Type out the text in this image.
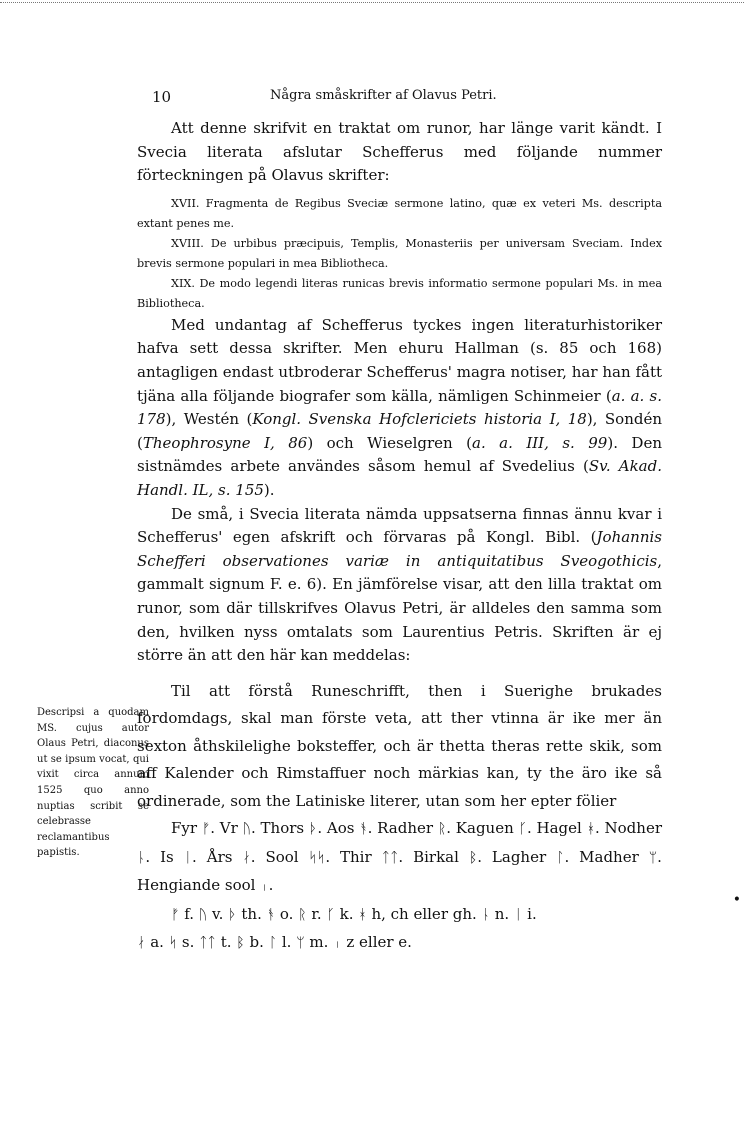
10	Några småskrifter af Olavus Petri.

Att denne skrifvit en traktat om runor, har länge varit kändt. I Svecia literata afslutar Schefferus med följande nummer förteckningen på Olavus skrifter:

XVII. Fragmenta de Regibus Sveciæ sermone latino, quæ ex veteri Ms. descripta extant penes me.

XVIII. De urbibus præcipuis, Templis, Monasteriis per universam Sveciam. Index brevis sermone populari in mea Bibliotheca.

XIX. De modo legendi literas runicas brevis informatio sermone populari Ms. in mea Bibliotheca.

Med undantag af Schefferus tyckes ingen literaturhistoriker hafva sett dessa skrifter. Men ehuru Hallman (s. 85 och 168) antagligen endast utbroderar Schefferus' magra notiser, har han fått tjäna alla följande biografer som källa, nämligen Schinmeier (a. a. s. 178), Westén (Kongl. Svenska Hofclericiets historia I, 18), Sondén (Theophrosyne I, 86) och Wieselgren (a. a. III, s. 99). Den sistnämdes arbete användes såsom hemul af Svedelius (Sv. Akad. Handl. IL, s. 155).

De små, i Svecia literata nämda uppsatserna finnas ännu kvar i Schefferus' egen afskrift och förvaras på Kongl. Bibl. (Johannis Schefferi observationes variæ in antiquitatibus Sveogothicis, gammalt signum F. e. 6). En jämförelse visar, att den lilla traktat om runor, som där tillskrifves Olavus Petri, är alldeles den samma som den, hvilken nyss omtalats som Laurentius Petris. Skriften är ej större än att den här kan meddelas:

Til att förstå Runeschrifft, then i Suerighe brukades fordomdags, skal man förste veta, att ther vtinna är ike mer än sexton åthskilelighe boksteffer, och är thetta theras rette skik, som aff Kalender och Rimstaffuer noch märkias kan, ty the äro ike så ordinerade, som the Latiniske literer, utan som her epter fölier

Fyr ᚠ. Vr ᚢ. Thors ᚦ. Aos ᚬ. Radher ᚱ. Kaguen ᚴ. Hagel ᚼ. Nodher ᚿ. Is ᛁ. Års ᛅ. Sool ᛋᛋ. Thir ᛏᛏ. Birkal ᛒ. Lagher ᛚ. Madher ᛘ. Hengiande sool ᛧ.

ᚠ f. ᚢ v. ᚦ th. ᚬ o. ᚱ r. ᚴ k. ᚼ h, ch eller gh. ᚿ n. ᛁ i.
ᛅ a. ᛋ s. ᛏᛏ t. ᛒ b. ᛚ l. ᛘ m. ᛧ z eller e.

Descripsi a quodam MS. cujus autor Olaus Petri, diaconus ut se ipsum vocat, qui vixit circa annum 1525 quo anno nuptias scribit se celebrasse reclamantibus papistis.
•
